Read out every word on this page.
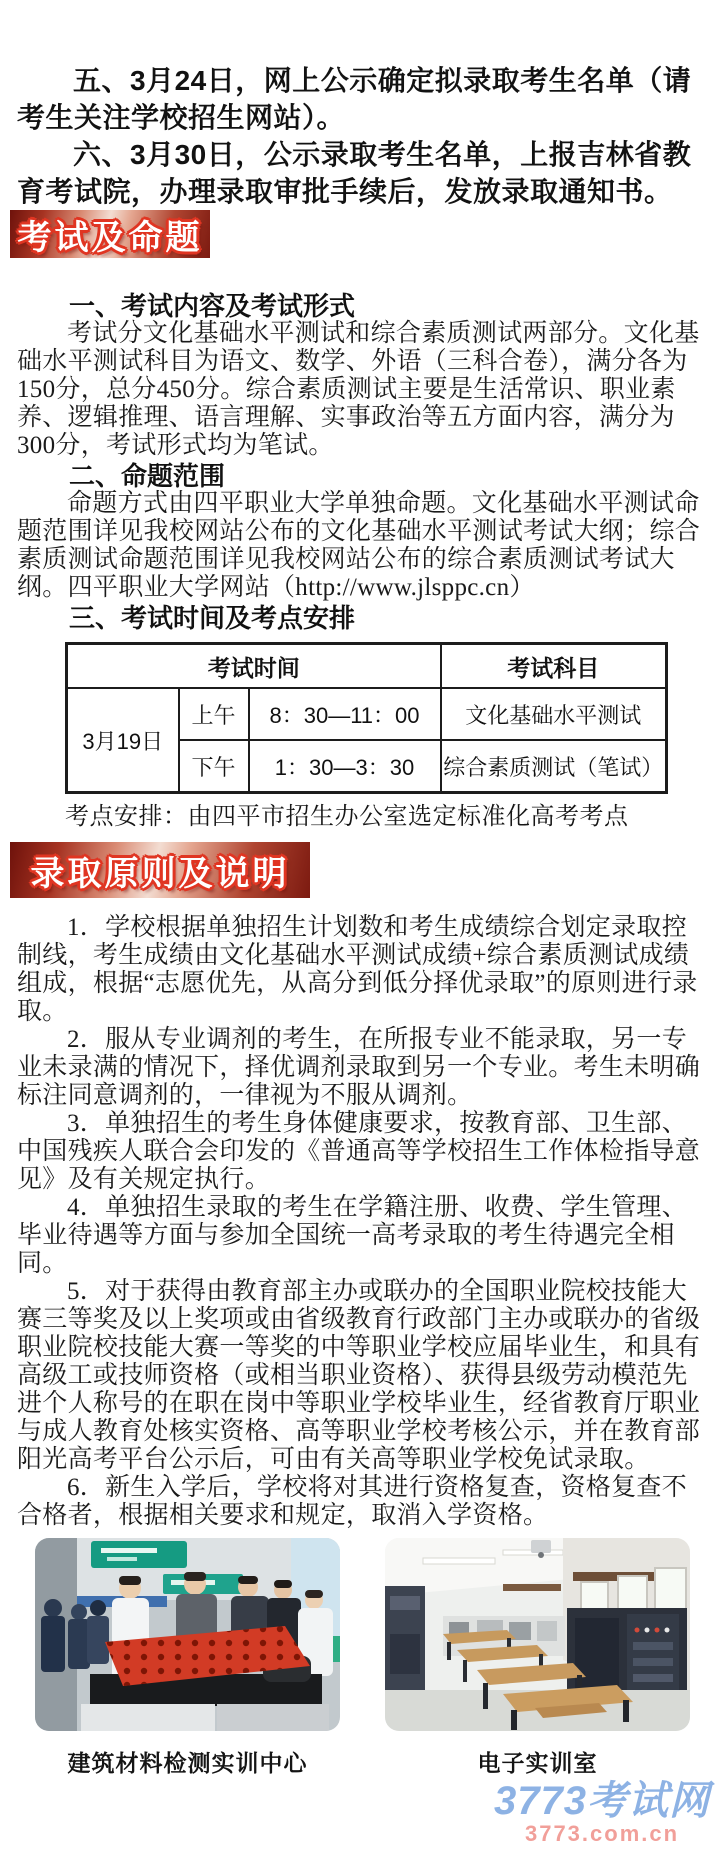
五、3月24日，网上公示确定拟录取考生名单（请考生关注学校招生网站）。

六、3月30日，公示录取考生名单，上报吉林省教育考试院，办理录取审批手续后，发放录取通知书。

考试及命题
一、考试内容及考试形式

考试分文化基础水平测试和综合素质测试两部分。文化基础水平测试科目为语文、数学、外语（三科合卷），满分各为150分，总分450分。综合素质测试主要是生活常识、职业素养、逻辑推理、语言理解、实事政治等五方面内容，满分为300分，考试形式均为笔试。

二、命题范围

命题方式由四平职业大学单独命题。文化基础水平测试命题范围详见我校网站公布的文化基础水平测试考试大纲；综合素质测试命题范围详见我校网站公布的综合素质测试考试大纲。四平职业大学网站（http://www.jlsppc.cn）

三、考试时间及考点安排
考试时间			考试科目
3月19日	上午	8：30—11：00	文化基础水平测试
	下午	1：30—3：30	综合素质测试（笔试）

考点安排：由四平市招生办公室选定标准化高考考点

录取原则及说明

1．学校根据单独招生计划数和考生成绩综合划定录取控制线，考生成绩由文化基础水平测试成绩+综合素质测试成绩组成，根据“志愿优先，从高分到低分择优录取”的原则进行录取。

2．服从专业调剂的考生，在所报专业不能录取，另一专业未录满的情况下，择优调剂录取到另一个专业。考生未明确标注同意调剂的，一律视为不服从调剂。

3．单独招生的考生身体健康要求，按教育部、卫生部、中国残疾人联合会印发的《普通高等学校招生工作体检指导意见》及有关规定执行。

4．单独招生录取的考生在学籍注册、收费、学生管理、毕业待遇等方面与参加全国统一高考录取的考生待遇完全相同。

5．对于获得由教育部主办或联办的全国职业院校技能大赛三等奖及以上奖项或由省级教育行政部门主办或联办的省级职业院校技能大赛一等奖的中等职业学校应届毕业生，和具有高级工或技师资格（或相当职业资格）、获得县级劳动模范先进个人称号的在职在岗中等职业学校毕业生，经省教育厅职业与成人教育处核实资格、高等职业学校考核公示，并在教育部阳光高考平台公示后，可由有关高等职业学校免试录取。

6．新生入学后，学校将对其进行资格复查，资格复查不合格者，根据相关要求和规定，取消入学资格。

建筑材料检测实训中心	电子实训室
3773考试网
3773.com.cn
